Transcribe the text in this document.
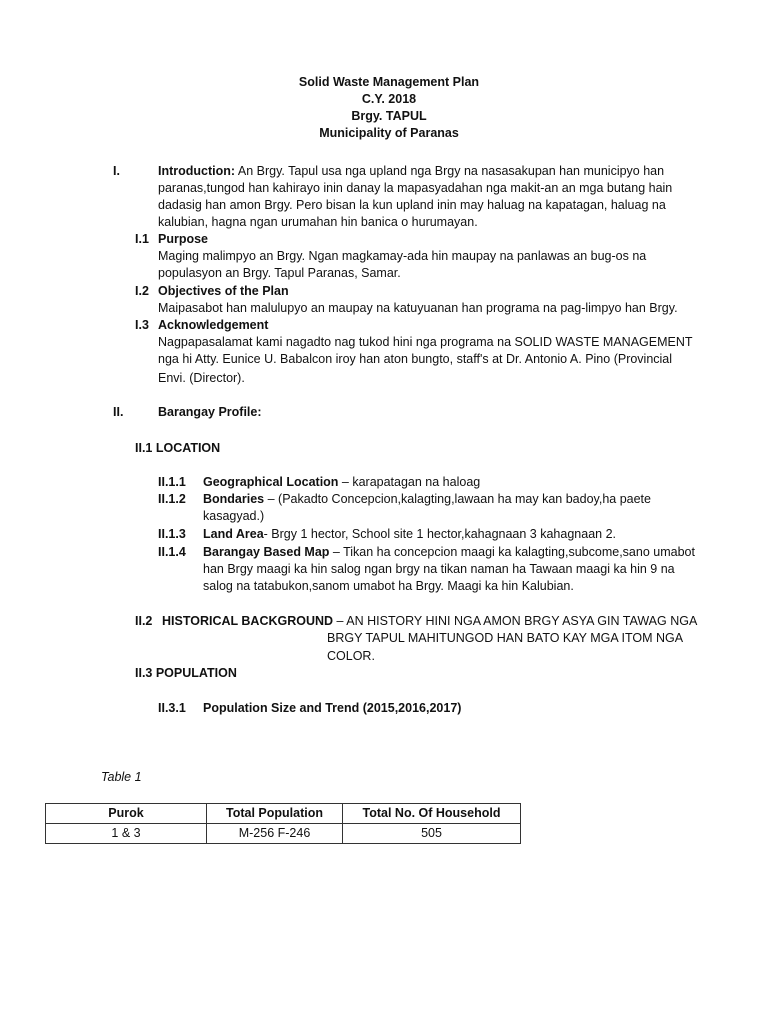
Solid Waste Management Plan
C.Y. 2018
Brgy. TAPUL
Municipality of Paranas
I.	Introduction: An Brgy. Tapul usa nga upland nga Brgy na nasasakupan han municipyo han
paranas,tungod han kahirayo inin danay la mapasyadahan nga makit-an an mga butang hain
dadasig han amon Brgy. Pero bisan la kun upland inin may haluag na kapatagan, haluag na
kalubian, hagna ngan urumahan hin banica o hurumayan.
I.1 Purpose
Maging malimpyo an Brgy. Ngan magkamay-ada hin maupay na panlawas an bug-os na
populasyon an Brgy. Tapul Paranas, Samar.
I.2 Objectives of the Plan
Maipasabot han malulupyo an maupay na katuyuanan han programa na pag-limpyo han Brgy.
I.3 Acknowledgement
Nagpapasalamat kami nagadto nag tukod hini nga programa na SOLID WASTE MANAGEMENT
nga hi Atty. Eunice U. Babalcon iroy han aton bungto, staff's at Dr. Antonio A. Pino (Provincial
Envi. (Director).
II.	Barangay Profile:
II.1 LOCATION
II.1.1 Geographical Location – karapatagan na haloag
II.1.2 Bondaries – (Pakadto Concepcion,kalagting,lawaan ha may kan badoy,ha paete
kasagyad.)
II.1.3 Land Area- Brgy 1 hector, School site 1 hector,kahagnaan 3 kahagnaan 2.
II.1.4 Barangay Based Map – Tikan ha concepcion maagi ka kalagting,subcome,sano umabot
han Brgy maagi ka hin salog ngan brgy na tikan naman ha Tawaan maagi ka hin 9 na
salog na tatabukon,sanom umabot ha Brgy. Maagi ka hin Kalubian.
II.2 HISTORICAL BACKGROUND – AN HISTORY HINI NGA AMON BRGY ASYA GIN TAWAG NGA
BRGY TAPUL MAHITUNGOD HAN BATO KAY MGA ITOM NGA
COLOR.
II.3 POPULATION
II.3.1 Population Size and Trend (2015,2016,2017)
Table 1
Purok	Total Population	Total No. Of Household
1 & 3	M-256 F-246	505
